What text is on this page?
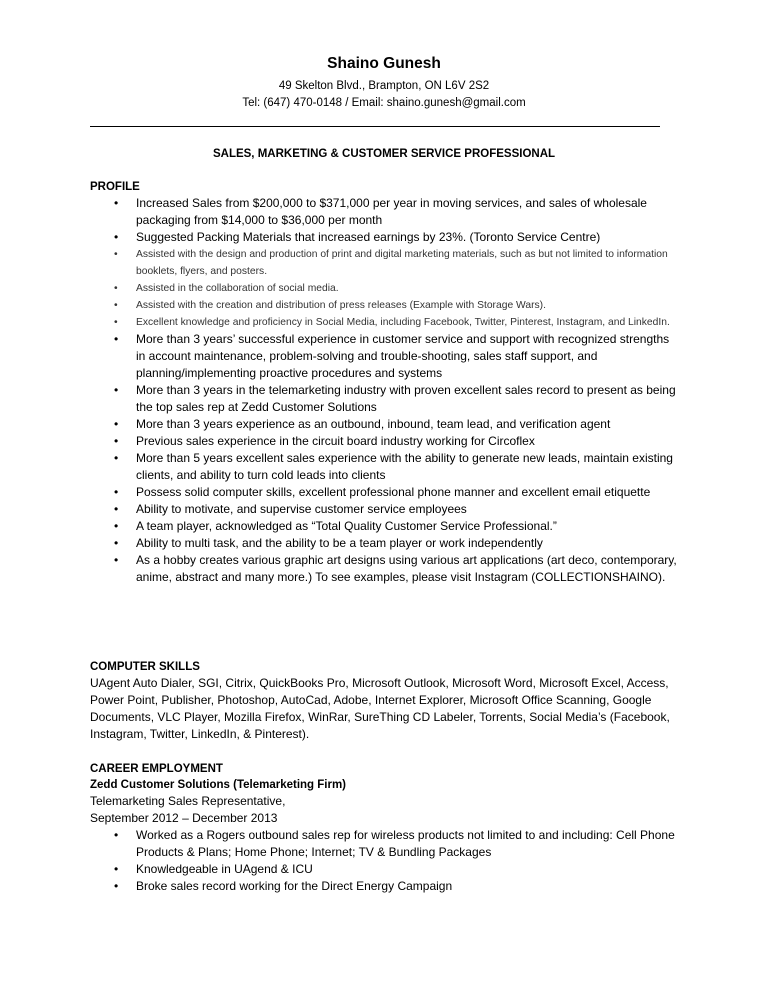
Shaino Gunesh
49 Skelton Blvd., Brampton, ON L6V 2S2
Tel: (647) 470-0148 / Email: shaino.gunesh@gmail.com
SALES, MARKETING & CUSTOMER SERVICE PROFESSIONAL
PROFILE
• Increased Sales from $200,000 to $371,000 per year in moving services, and sales of wholesale packaging from $14,000 to $36,000 per month
• Suggested Packing Materials that increased earnings by 23%. (Toronto Service Centre)
• Assisted with the design and production of print and digital marketing materials, such as but not limited to information booklets, flyers, and posters.
• Assisted in the collaboration of social media.
• Assisted with the creation and distribution of press releases (Example with Storage Wars).
• Excellent knowledge and proficiency in Social Media, including Facebook, Twitter, Pinterest, Instagram, and LinkedIn.
• More than 3 years’ successful experience in customer service and support with recognized strengths in account maintenance, problem-solving and trouble-shooting, sales staff support, and planning/implementing proactive procedures and systems
• More than 3 years in the telemarketing industry with proven excellent sales record to present as being the top sales rep at Zedd Customer Solutions
• More than 3 years experience as an outbound, inbound, team lead, and verification agent
• Previous sales experience in the circuit board industry working for Circoflex
• More than 5 years excellent sales experience with the ability to generate new leads, maintain existing clients, and ability to turn cold leads into clients
• Possess solid computer skills, excellent professional phone manner and excellent email etiquette
• Ability to motivate, and supervise customer service employees
• A team player, acknowledged as “Total Quality Customer Service Professional.”
• Ability to multi task, and the ability to be a team player or work independently
• As a hobby creates various graphic art designs using various art applications (art deco, contemporary, anime, abstract and many more.) To see examples, please visit Instagram (COLLECTIONSHAINO).
COMPUTER SKILLS
UAgent Auto Dialer, SGI, Citrix, QuickBooks Pro, Microsoft Outlook, Microsoft Word, Microsoft Excel, Access, Power Point, Publisher, Photoshop, AutoCad, Adobe, Internet Explorer, Microsoft Office Scanning, Google Documents, VLC Player, Mozilla Firefox, WinRar, SureThing CD Labeler, Torrents, Social Media’s (Facebook, Instagram, Twitter, LinkedIn, & Pinterest).
CAREER EMPLOYMENT
Zedd Customer Solutions (Telemarketing Firm)
Telemarketing Sales Representative,
September 2012 – December 2013
• Worked as a Rogers outbound sales rep for wireless products not limited to and including: Cell Phone Products & Plans; Home Phone; Internet; TV & Bundling Packages
• Knowledgeable in UAgend & ICU
• Broke sales record working for the Direct Energy Campaign
